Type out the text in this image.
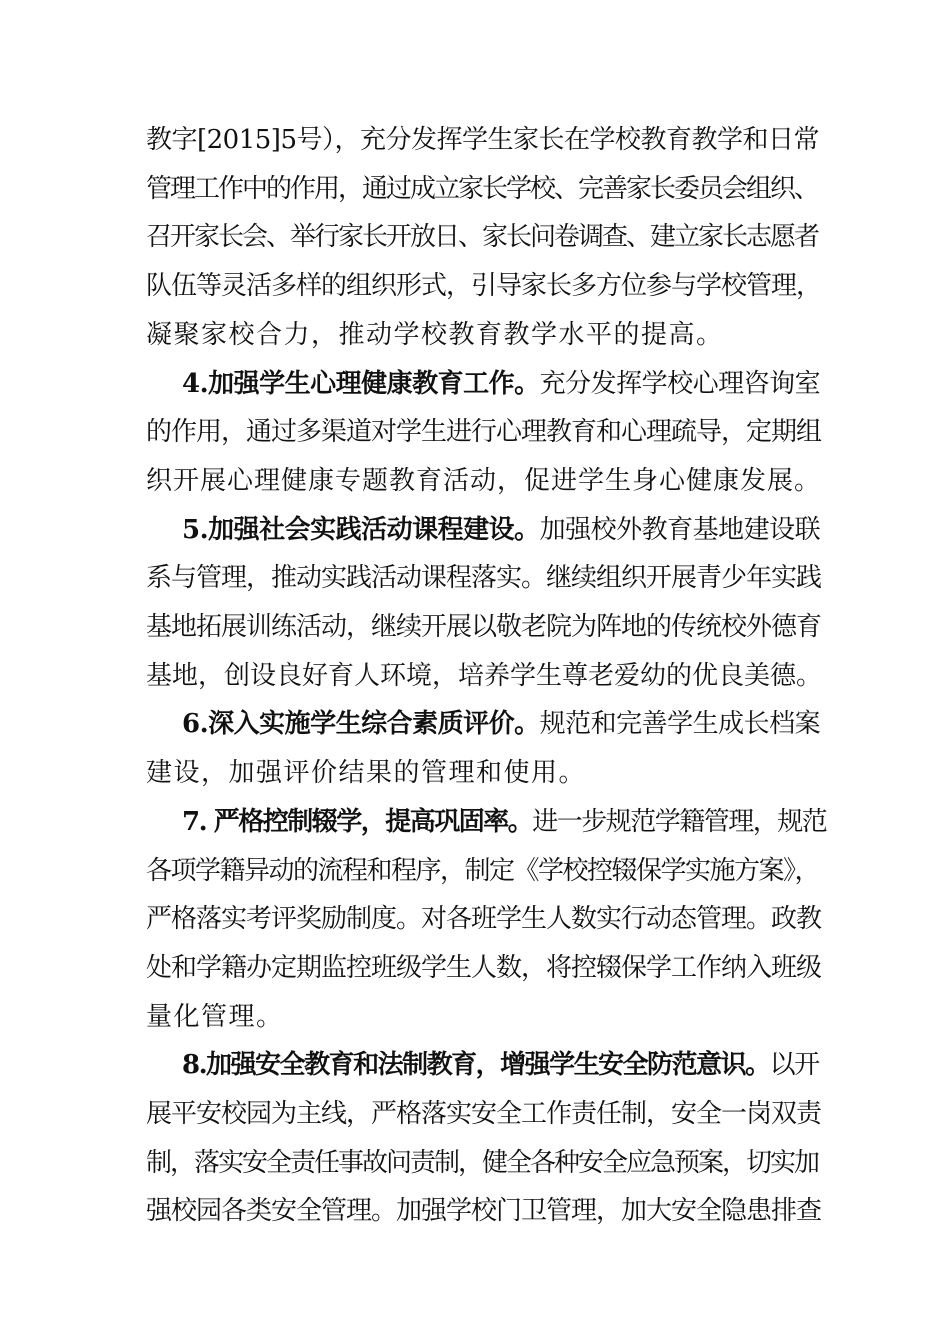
教字[2015]5号），充分发挥学生家长在学校教育教学和日常
管理工作中的作用，通过成立家长学校、完善家长委员会组织、
召开家长会、举行家长开放日、家长问卷调查、建立家长志愿者
队伍等灵活多样的组织形式，引导家长多方位参与学校管理，
凝聚家校合力，推动学校教育教学水平的提高。
4.加强学生心理健康教育工作。充分发挥学校心理咨询室
的作用，通过多渠道对学生进行心理教育和心理疏导，定期组
织开展心理健康专题教育活动，促进学生身心健康发展。
5.加强社会实践活动课程建设。加强校外教育基地建设联
系与管理，推动实践活动课程落实。继续组织开展青少年实践
基地拓展训练活动，继续开展以敬老院为阵地的传统校外德育
基地，创设良好育人环境，培养学生尊老爱幼的优良美德。
6.深入实施学生综合素质评价。规范和完善学生成长档案
建设，加强评价结果的管理和使用。
7. 严格控制辍学，提高巩固率。进一步规范学籍管理，规范
各项学籍异动的流程和程序，制定《学校控辍保学实施方案》，
严格落实考评奖励制度。对各班学生人数实行动态管理。政教
处和学籍办定期监控班级学生人数，将控辍保学工作纳入班级
量化管理。
8.加强安全教育和法制教育，增强学生安全防范意识。以开
展平安校园为主线，严格落实安全工作责任制，安全一岗双责
制，落实安全责任事故问责制，健全各种安全应急预案，切实加
强校园各类安全管理。加强学校门卫管理，加大安全隐患排查
